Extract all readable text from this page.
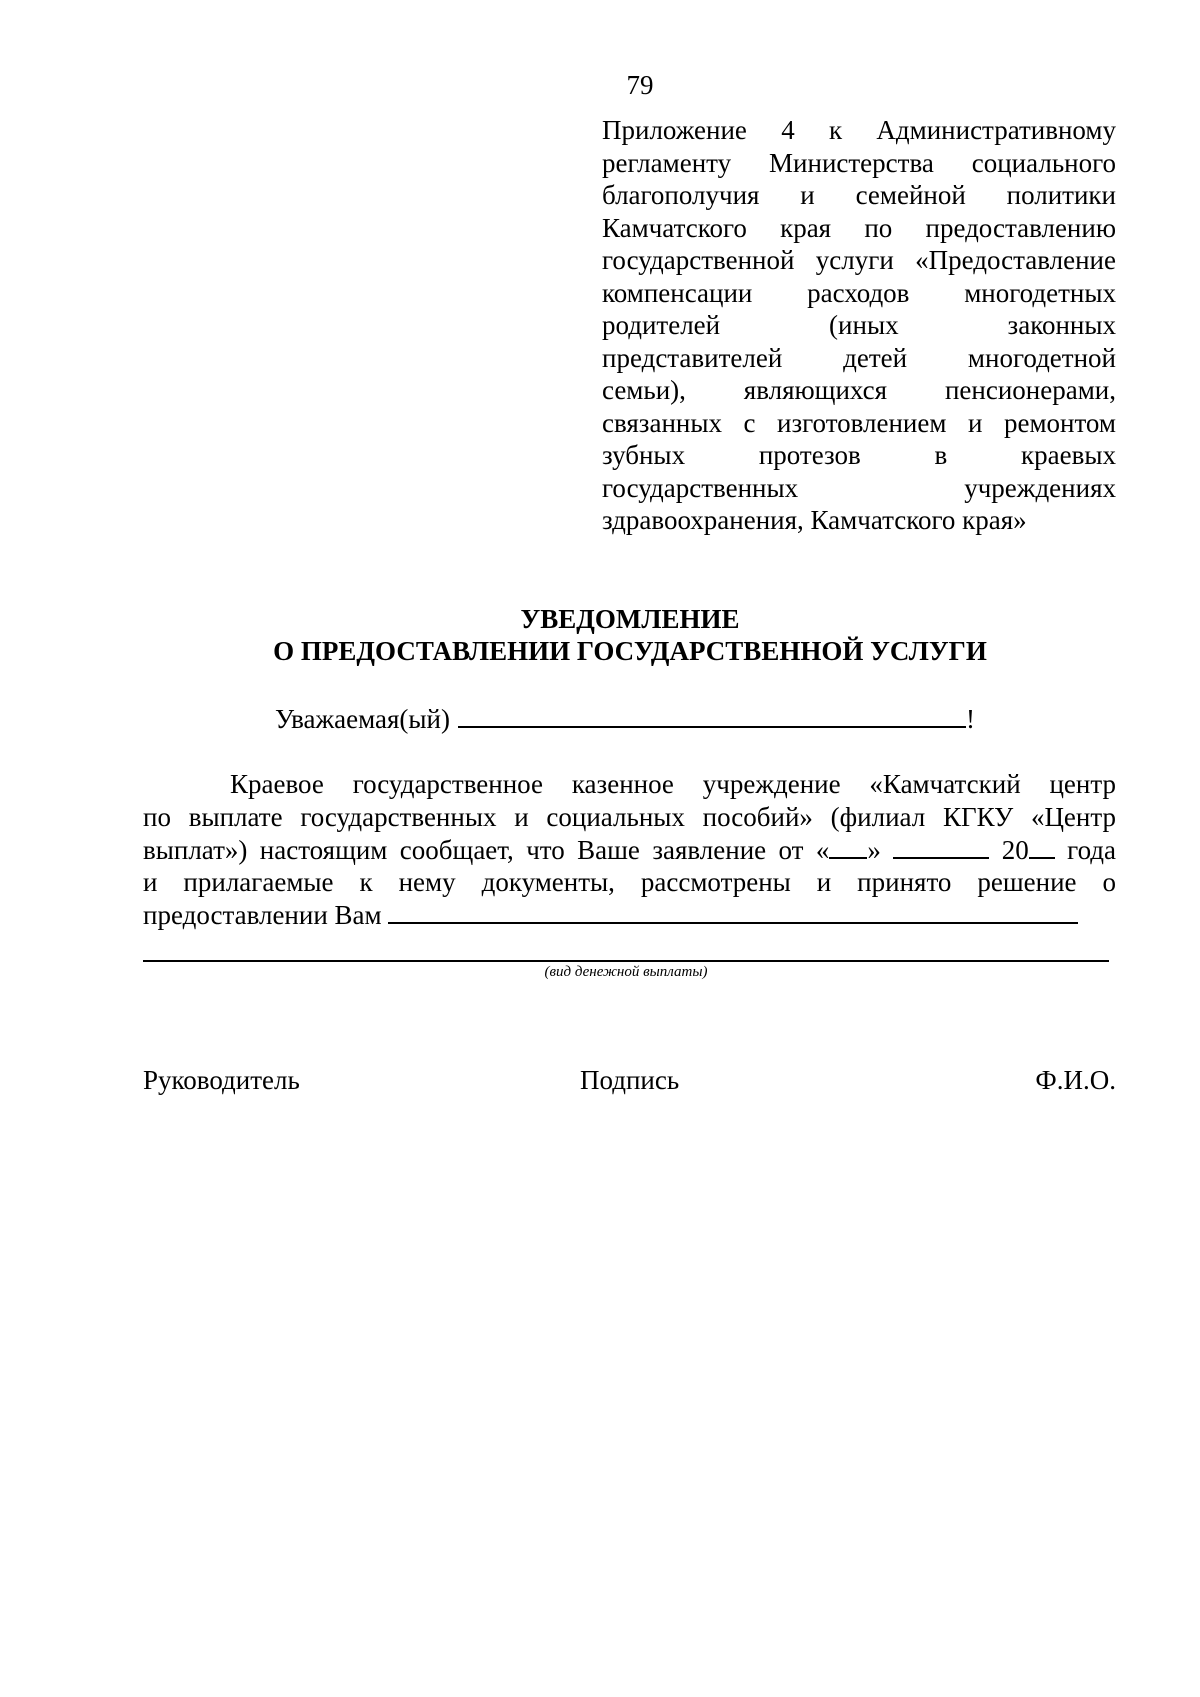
79
Приложение 4 к Административному
регламенту Министерства социального
благополучия и семейной политики
Камчатского края по предоставлению
государственной услуги «Предоставление
компенсации расходов многодетных
родителей (иных законных
представителей детей многодетной
семьи), являющихся пенсионерами,
связанных с изготовлением и ремонтом
зубных протезов в краевых
государственных учреждениях
здравоохранения, Камчатского края»
УВЕДОМЛЕНИЕ
О ПРЕДОСТАВЛЕНИИ ГОСУДАРСТВЕННОЙ УСЛУГИ
Уважаемая(ый)	!
Краевое государственное казенное учреждение «Камчатский центр
по выплате государственных и социальных пособий» (филиал КГКУ «Центр
выплат») настоящим сообщает, что Ваше заявление от « »	20 года
и прилагаемые к нему документы, рассмотрены и принято решение о
предоставлении Вам
(вид денежной выплаты)
Руководитель	Подпись	Ф.И.О.
